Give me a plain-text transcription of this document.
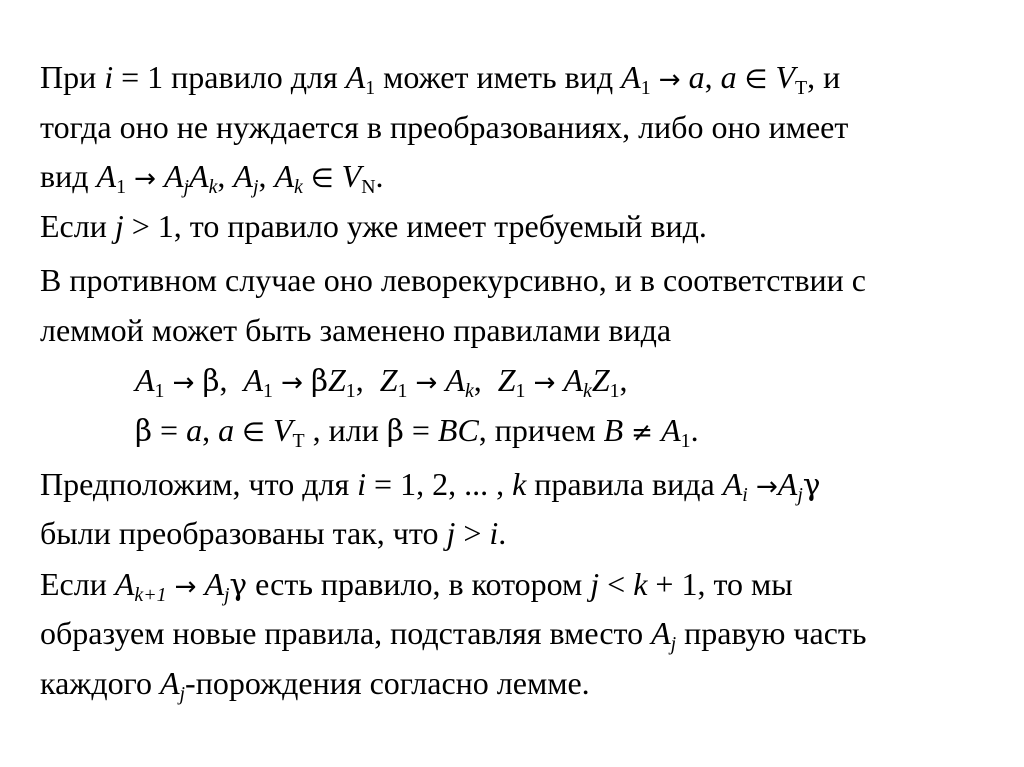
При i = 1 правило для $A_1$ может иметь вид $A_1 \to a$, a ∈ $V_T$, и
тогда оно не нуждается в преобразованиях, либо оно имеет
вид $A_1 \to A_jA_k$, $A_j$, $A_k$ ∈ $V_N$.
Если j > 1, то правило уже имеет требуемый вид.
В противном случае оно леворекурсивно, и в соответствии с
леммой может быть заменено правилами вида
$A_1 \to \beta$,  $A_1 \to \beta Z_1$,  $Z_1 \to A_k$,  $Z_1 \to A_kZ_1$,
β = a, a ∈ $V_T$ , или β = BC, причем $B \ne A_1$.
Предположим, что для i = 1, 2, ... , k правила вида $A_i \to A_j\gamma$
были преобразованы так, что j > i.
Если $A_{k+1} \to A_j\gamma$ есть правило, в котором j < k + 1, то мы
образуем новые правила, подставляя вместо $A_j$ правую часть
каждого $A_j$-порождения согласно лемме.
